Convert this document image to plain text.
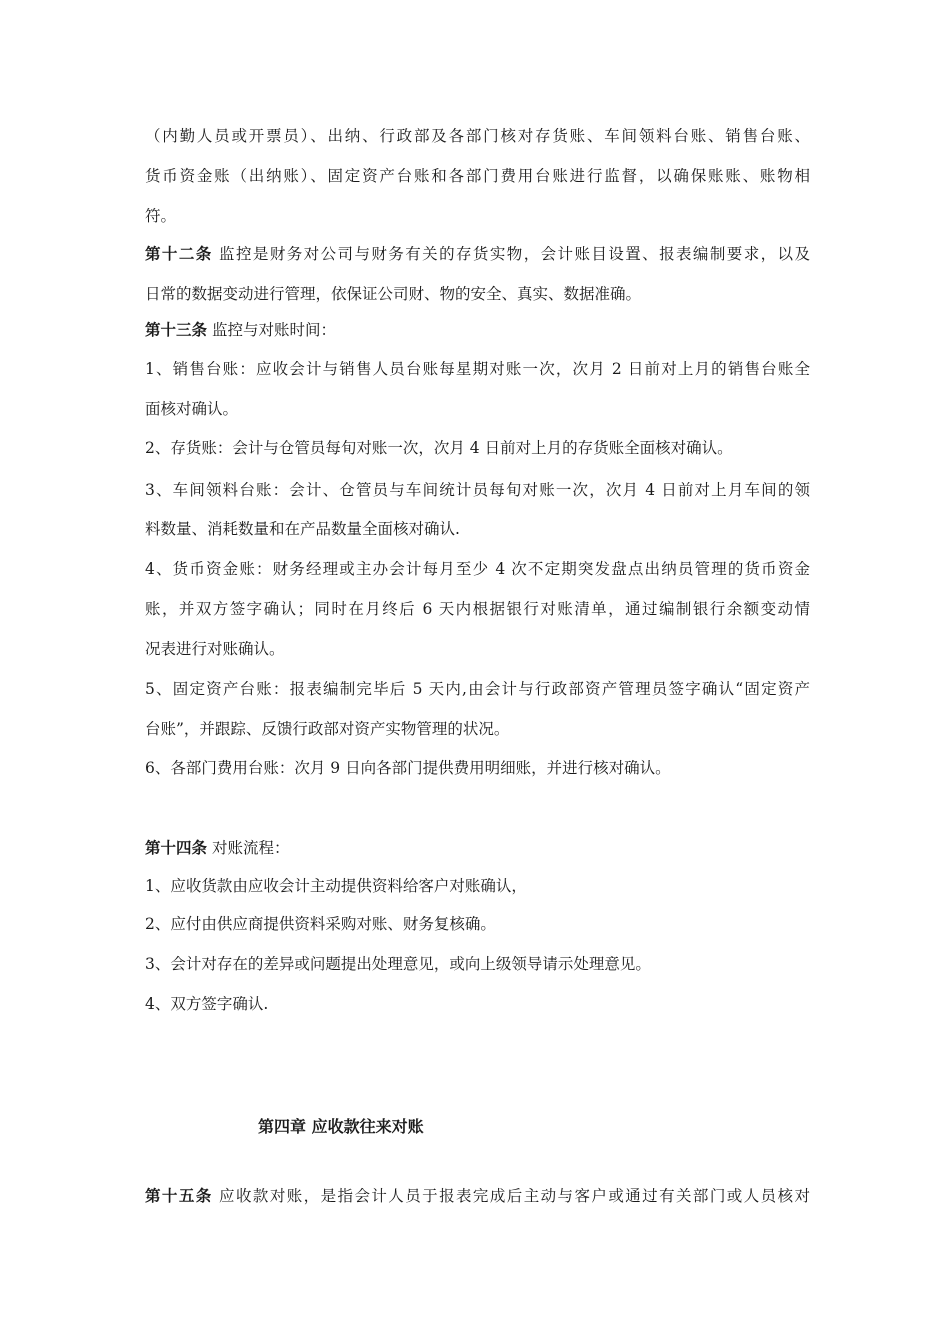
（内勤人员或开票员）、出纳、行政部及各部门核对存货账、车间领料台账、销售台账、
货币资金账（出纳账）、固定资产台账和各部门费用台账进行监督，以确保账账、账物相
符。
第十二条 监控是财务对公司与财务有关的存货实物，会计账目设置、报表编制要求，以及
日常的数据变动进行管理，依保证公司财、物的安全、真实、数据准确。
第十三条 监控与对账时间：
1、销售台账：应收会计与销售人员台账每星期对账一次，次月 2 日前对上月的销售台账全
面核对确认。
2、存货账：会计与仓管员每旬对账一次，次月 4 日前对上月的存货账全面核对确认。
3、车间领料台账：会计、仓管员与车间统计员每旬对账一次，次月 4 日前对上月车间的领
料数量、消耗数量和在产品数量全面核对确认.
4、货币资金账：财务经理或主办会计每月至少 4 次不定期突发盘点出纳员管理的货币资金
账，并双方签字确认；同时在月终后 6 天内根据银行对账清单，通过编制银行余额变动情
况表进行对账确认。
5、固定资产台账：报表编制完毕后 5 天内,由会计与行政部资产管理员签字确认“固定资产
台账”，并跟踪、反馈行政部对资产实物管理的状况。
6、各部门费用台账：次月 9 日向各部门提供费用明细账，并进行核对确认。
第十四条 对账流程：
1、应收货款由应收会计主动提供资料给客户对账确认，
2、应付由供应商提供资料采购对账、财务复核确。
3、会计对存在的差异或问题提出处理意见，或向上级领导请示处理意见。
4、双方签字确认.
第四章 应收款往来对账
第十五条 应收款对账，是指会计人员于报表完成后主动与客户或通过有关部门或人员核对
